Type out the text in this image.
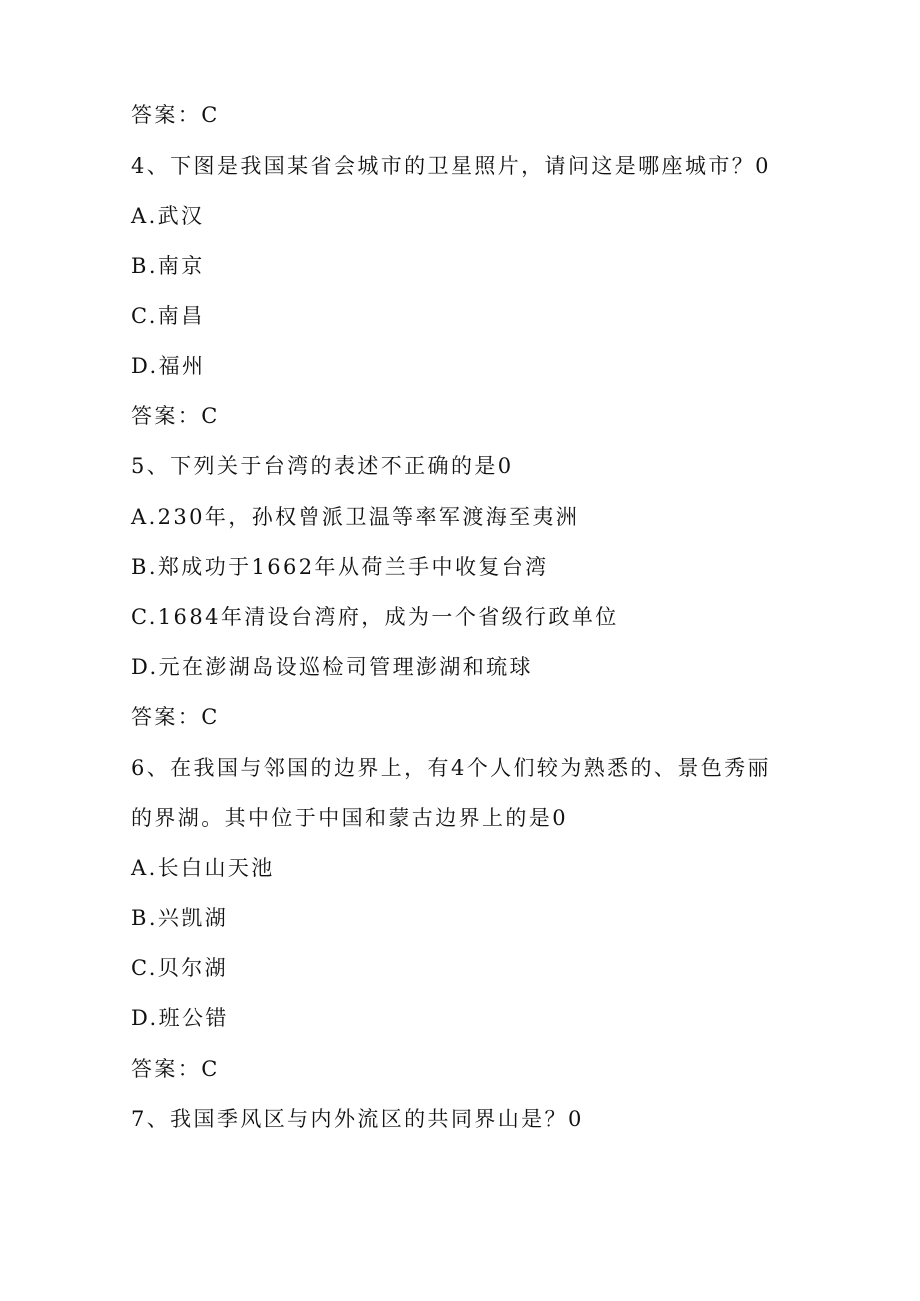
答案：C

4、下图是我国某省会城市的卫星照片，请问这是哪座城市？0

A.武汉

B.南京

C.南昌

D.福州

答案：C

5、下列关于台湾的表述不正确的是0

A.230年，孙权曾派卫温等率军渡海至夷洲

B.郑成功于1662年从荷兰手中收复台湾

C.1684年清设台湾府，成为一个省级行政单位

D.元在澎湖岛设巡检司管理澎湖和琉球

答案：C

6、在我国与邻国的边界上，有4个人们较为熟悉的、景色秀丽

的界湖。其中位于中国和蒙古边界上的是0

A.长白山天池

B.兴凯湖

C.贝尔湖

D.班公错

答案：C

7、我国季风区与内外流区的共同界山是？0
